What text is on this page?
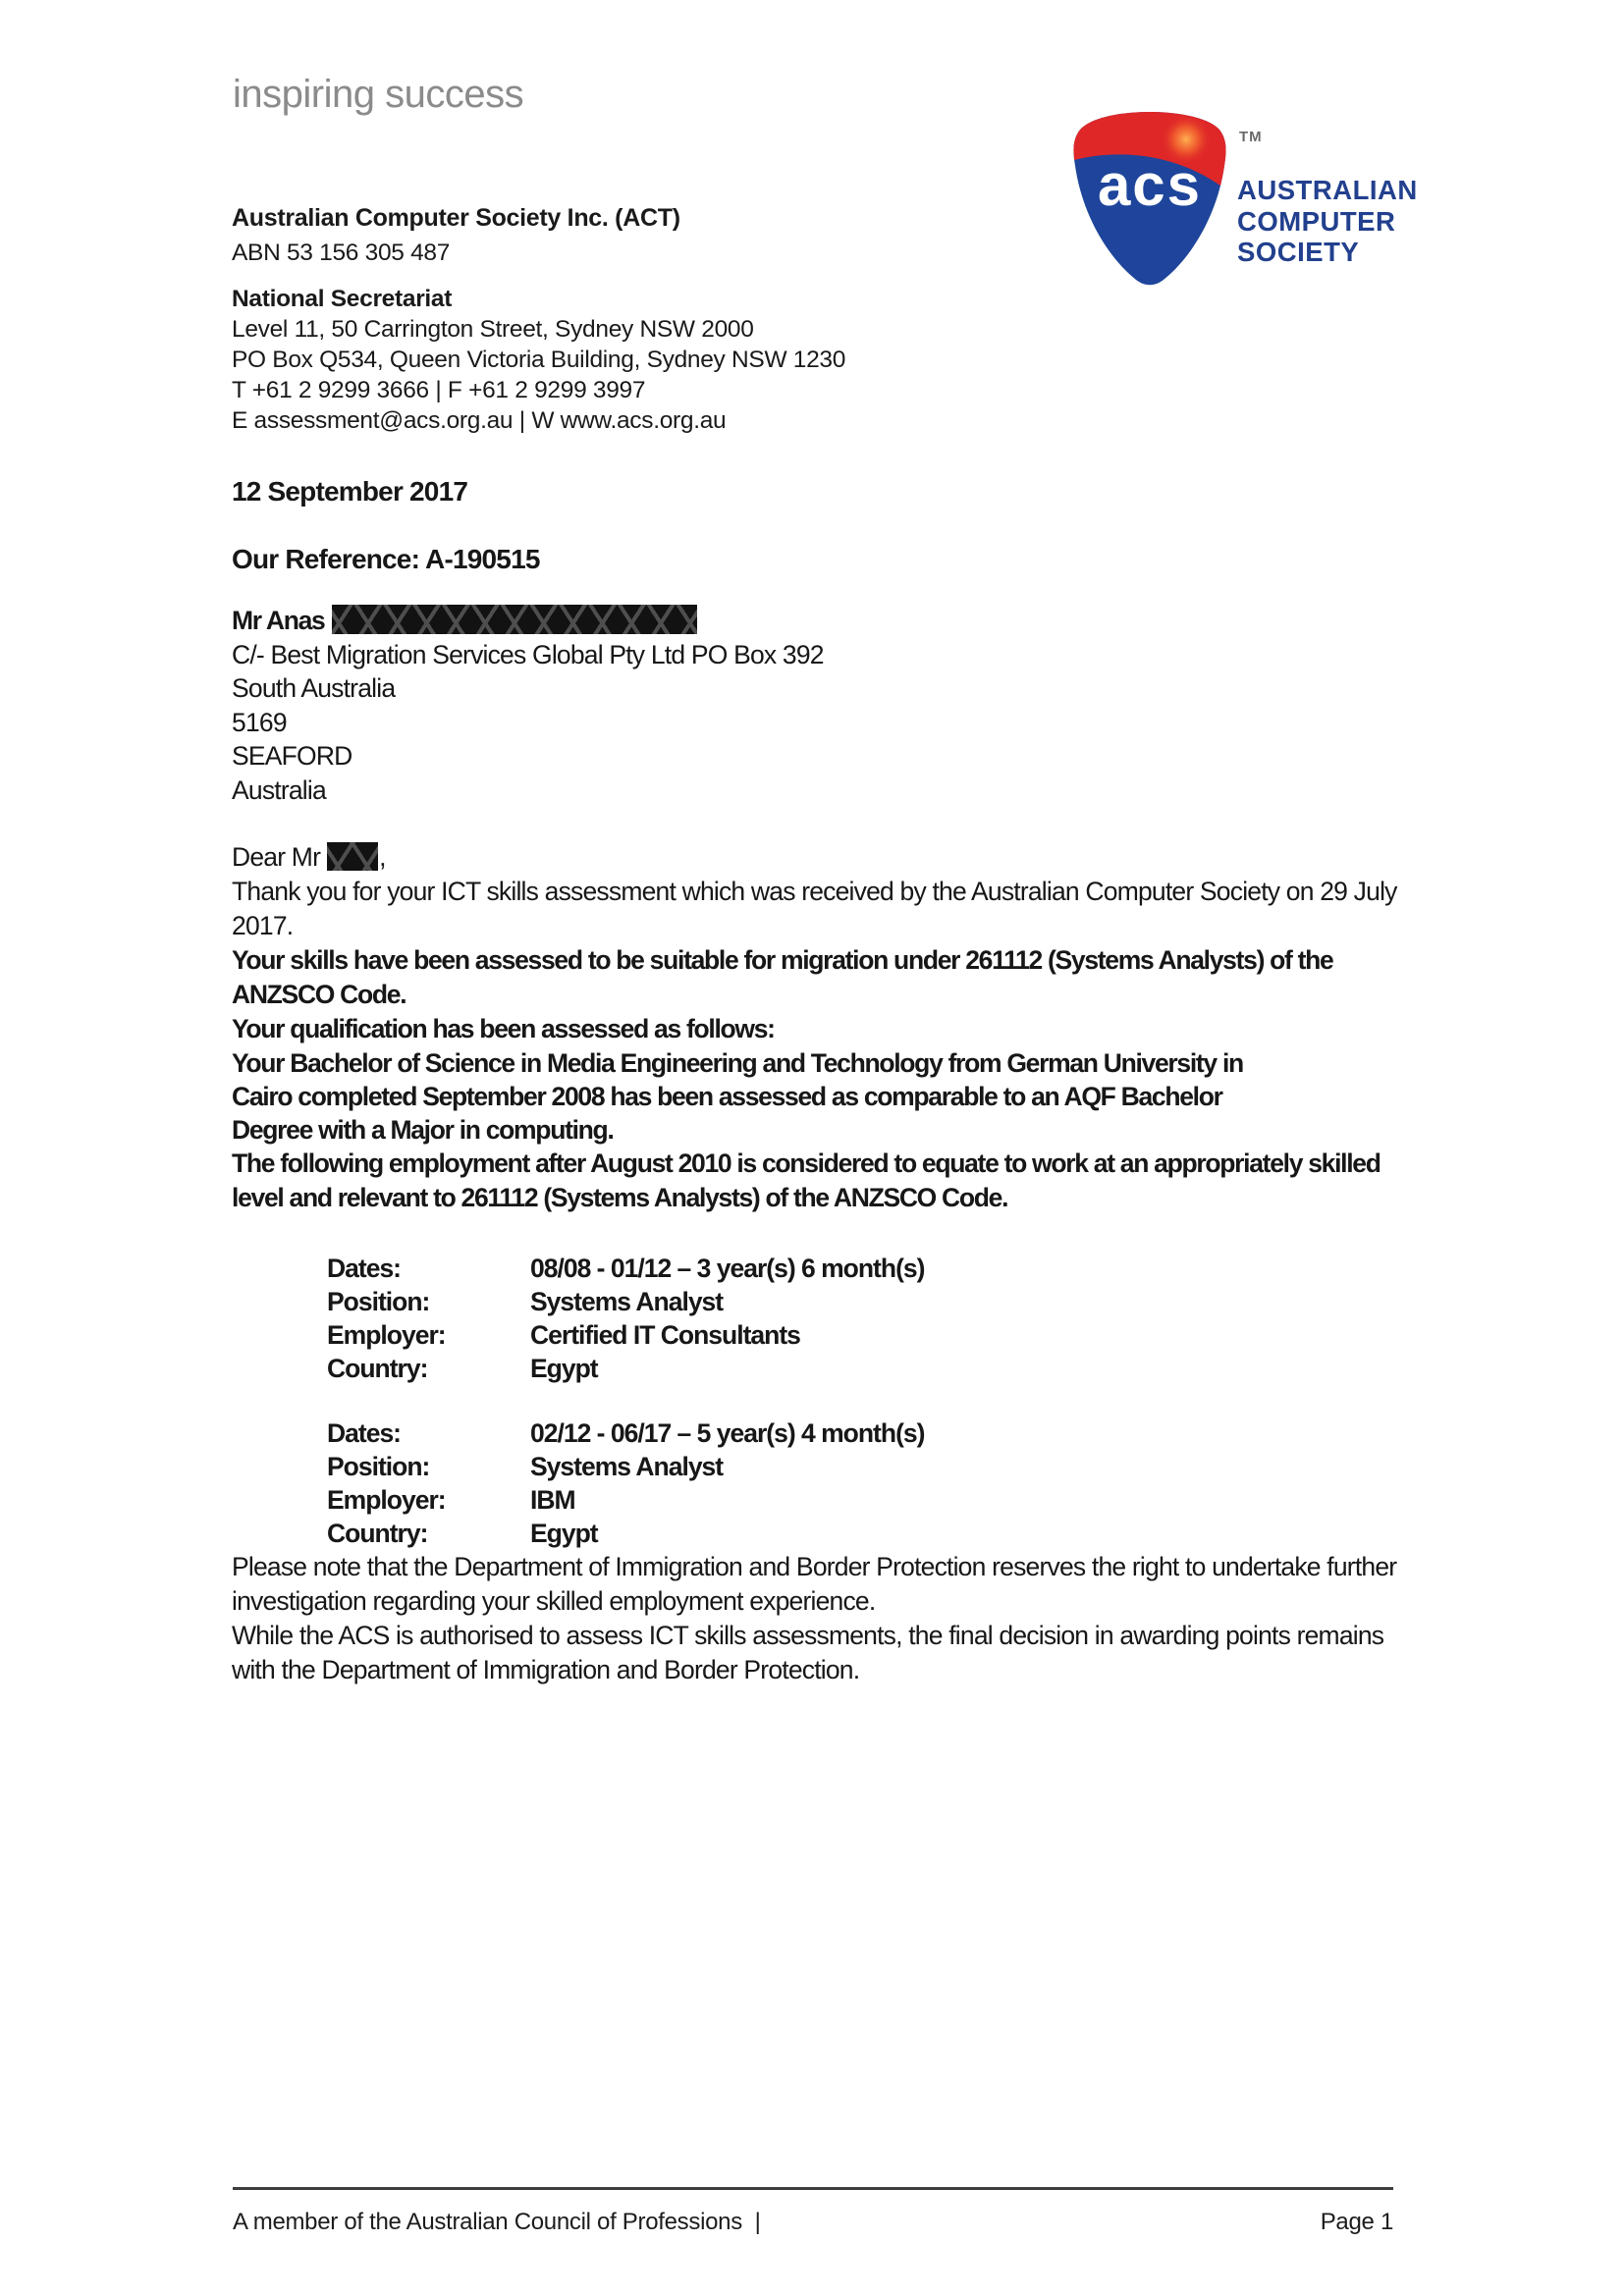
inspiring success
acs
TM
AUSTRALIAN
COMPUTER
SOCIETY
Australian Computer Society Inc. (ACT)
ABN 53 156 305 487
National Secretariat
Level 11, 50 Carrington Street, Sydney NSW 2000
PO Box Q534, Queen Victoria Building, Sydney NSW 1230
T +61 2 9299 3666 | F +61 2 9299 3997
E assessment@acs.org.au | W www.acs.org.au
12 September 2017
Our Reference: A-190515
Mr Anas
C/- Best Migration Services Global Pty Ltd PO Box 392
South Australia
5169
SEAFORD
Australia
Dear Mr ,

Thank you for your ICT skills assessment which was received by the Australian Computer Society on 29 July 2017.

Your skills have been assessed to be suitable for migration under 261112 (Systems Analysts) of the ANZSCO Code.

Your qualification has been assessed as follows:

Your Bachelor of Science in Media Engineering and Technology from German University in Cairo completed September 2008 has been assessed as comparable to an AQF Bachelor Degree with a Major in computing.

The following employment after August 2010 is considered to equate to work at an appropriately skilled level and relevant to 261112 (Systems Analysts) of the ANZSCO Code.

Dates:	08/08 - 01/12 – 3 year(s) 6 month(s)
Position:	Systems Analyst
Employer:	Certified IT Consultants
Country:	Egypt
Dates:	02/12 - 06/17 – 5 year(s) 4 month(s)
Position:	Systems Analyst
Employer:	IBM
Country:	Egypt

Please note that the Department of Immigration and Border Protection reserves the right to undertake further investigation regarding your skilled employment experience.

While the ACS is authorised to assess ICT skills assessments, the final decision in awarding points remains with the Department of Immigration and Border Protection.

A member of the Australian Council of Professions  |	Page 1
